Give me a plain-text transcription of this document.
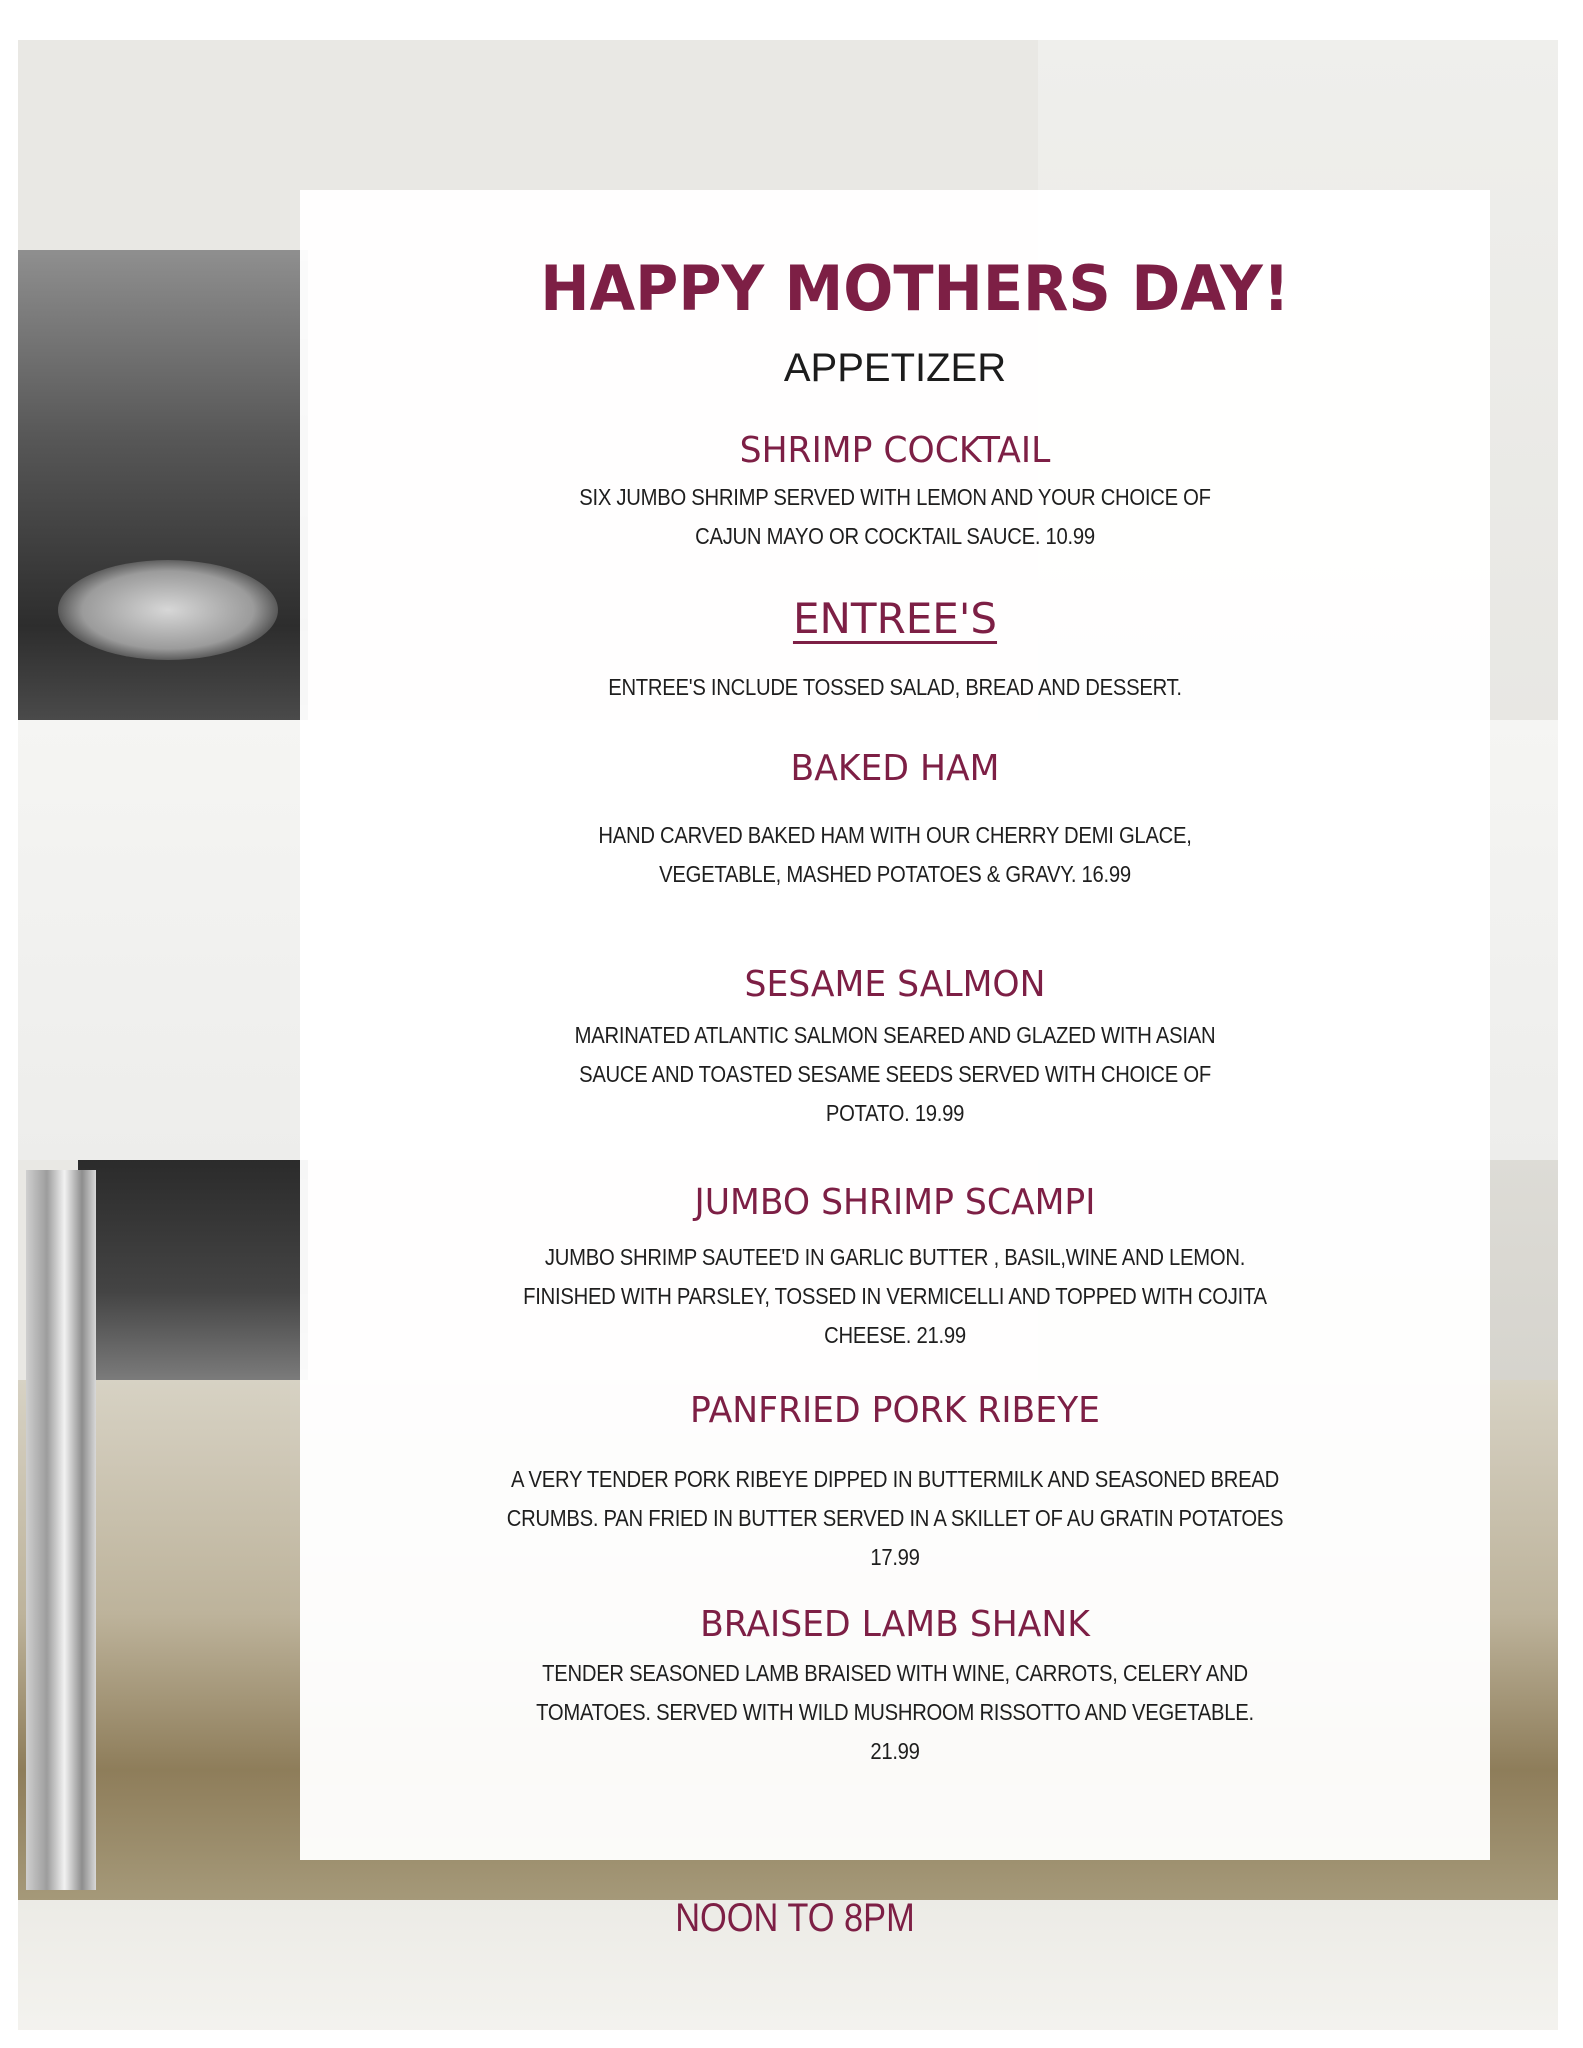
HAPPY MOTHERS DAY!
APPETIZER
SHRIMP COCKTAIL
SIX JUMBO SHRIMP SERVED WITH LEMON AND YOUR CHOICE OF
CAJUN MAYO OR COCKTAIL SAUCE. 10.99
ENTREE'S
ENTREE'S INCLUDE TOSSED SALAD, BREAD AND DESSERT.
BAKED HAM
HAND CARVED BAKED HAM WITH OUR CHERRY DEMI GLACE,
VEGETABLE, MASHED POTATOES & GRAVY. 16.99
SESAME SALMON
MARINATED ATLANTIC SALMON SEARED AND GLAZED WITH ASIAN
SAUCE AND TOASTED SESAME SEEDS SERVED WITH CHOICE OF
POTATO. 19.99
JUMBO SHRIMP SCAMPI
JUMBO SHRIMP SAUTEE'D IN GARLIC BUTTER , BASIL,WINE AND LEMON.
FINISHED WITH PARSLEY, TOSSED IN VERMICELLI AND TOPPED WITH COJITA
CHEESE. 21.99
PANFRIED PORK RIBEYE
A VERY TENDER PORK RIBEYE DIPPED IN BUTTERMILK AND SEASONED BREAD
CRUMBS. PAN FRIED IN BUTTER SERVED IN A SKILLET OF AU GRATIN POTATOES
17.99
BRAISED LAMB SHANK
TENDER SEASONED LAMB BRAISED WITH WINE, CARROTS, CELERY AND
TOMATOES. SERVED WITH WILD MUSHROOM RISSOTTO AND VEGETABLE.
21.99
NOON TO 8PM
